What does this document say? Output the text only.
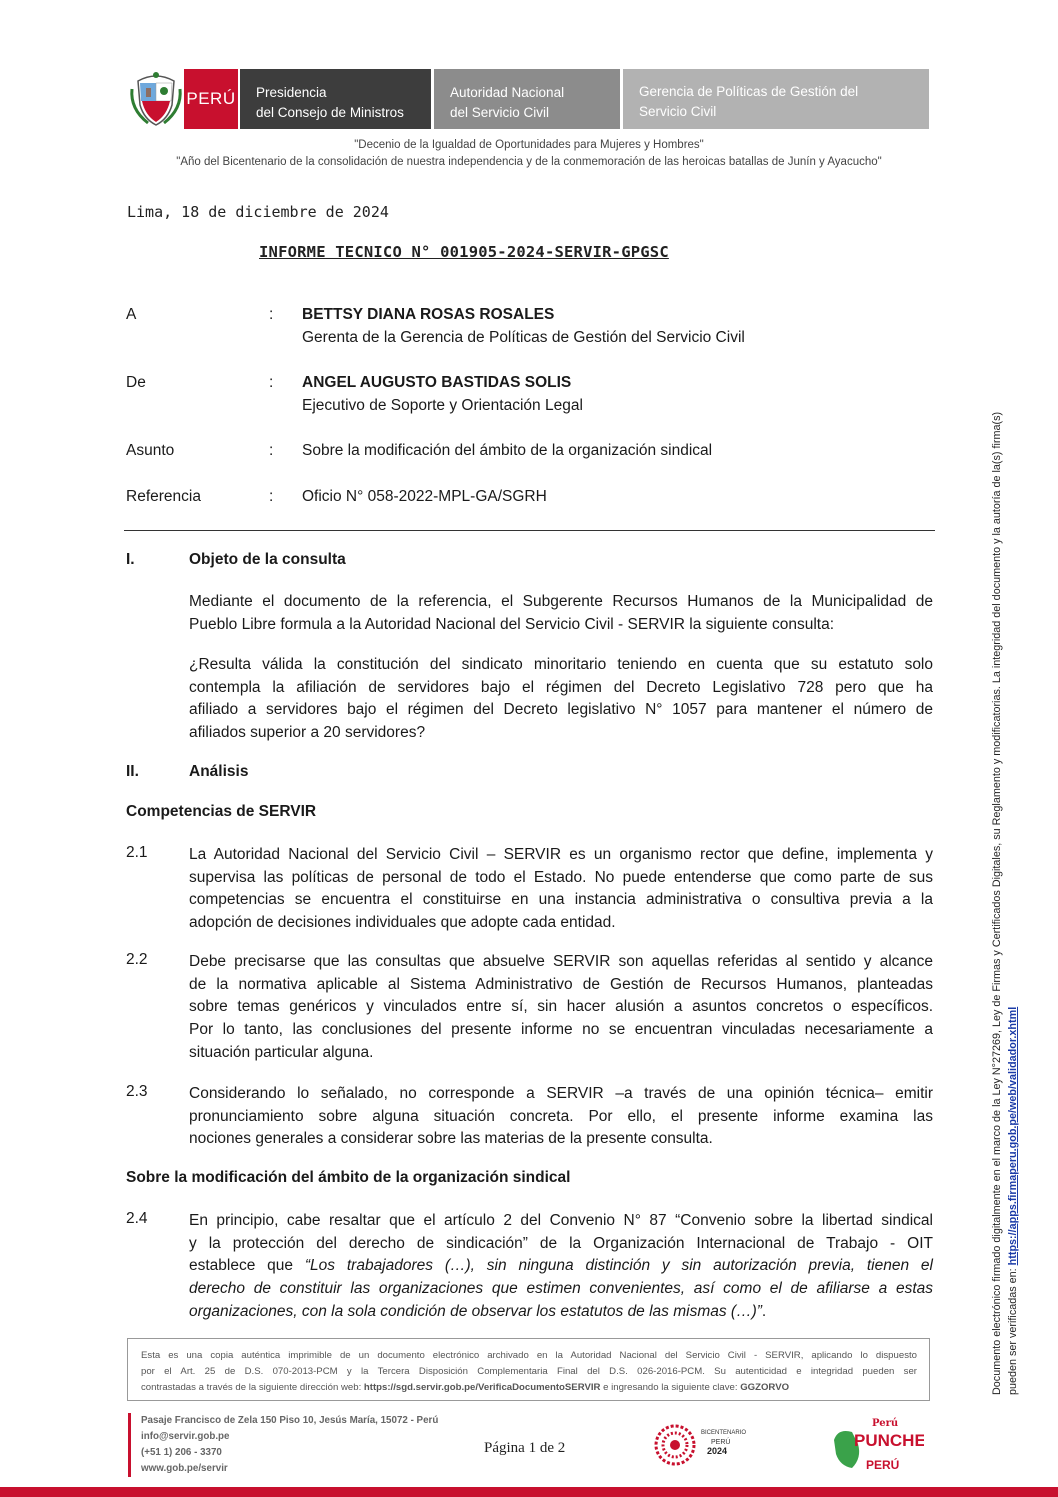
PERÚ Presidencia
del Consejo de Ministros
Autoridad Nacional
del Servicio Civil
Gerencia de Políticas de Gestión del
Servicio Civil
"Decenio de la Igualdad de Oportunidades para Mujeres y Hombres"
"Año del Bicentenario de la consolidación de nuestra independencia y de la conmemoración de las heroicas batallas de Junín y Ayacucho"
Lima, 18 de diciembre de 2024
INFORME TECNICO N° 001905-2024-SERVIR-GPGSC
A	: BETTSY DIANA ROSAS ROSALES
Gerenta de la Gerencia de Políticas de Gestión del Servicio Civil
De	: ANGEL AUGUSTO BASTIDAS SOLIS
Ejecutivo de Soporte y Orientación Legal
Asunto	: Sobre la modificación del ámbito de la organización sindical
Referencia	: Oficio N° 058-2022-MPL-GA/SGRH
I.	Objeto de la consulta
Mediante el documento de la referencia, el Subgerente Recursos Humanos de la Municipalidad de
Pueblo Libre formula a la Autoridad Nacional del Servicio Civil - SERVIR la siguiente consulta:
¿Resulta válida la constitución del sindicato minoritario teniendo en cuenta que su estatuto solo
contempla la afiliación de servidores bajo el régimen del Decreto Legislativo 728 pero que ha
afiliado a servidores bajo el régimen del Decreto legislativo N° 1057 para mantener el número de
afiliados superior a 20 servidores?
II.	Análisis
Competencias de SERVIR
2.1	La Autoridad Nacional del Servicio Civil – SERVIR es un organismo rector que define, implementa y
supervisa las políticas de personal de todo el Estado. No puede entenderse que como parte de sus
competencias se encuentra el constituirse en una instancia administrativa o consultiva previa a la
adopción de decisiones individuales que adopte cada entidad.
2.2	Debe precisarse que las consultas que absuelve SERVIR son aquellas referidas al sentido y alcance
de la normativa aplicable al Sistema Administrativo de Gestión de Recursos Humanos, planteadas
sobre temas genéricos y vinculados entre sí, sin hacer alusión a asuntos concretos o específicos.
Por lo tanto, las conclusiones del presente informe no se encuentran vinculadas necesariamente a
situación particular alguna.
2.3	Considerando lo señalado, no corresponde a SERVIR –a través de una opinión técnica– emitir
pronunciamiento sobre alguna situación concreta. Por ello, el presente informe examina las
nociones generales a considerar sobre las materias de la presente consulta.
Sobre la modificación del ámbito de la organización sindical
2.4	En principio, cabe resaltar que el artículo 2 del Convenio N° 87 “Convenio sobre la libertad sindical
y la protección del derecho de sindicación” de la Organización Internacional de Trabajo - OIT
establece que “Los trabajadores (…), sin ninguna distinción y sin autorización previa, tienen el
derecho de constituir las organizaciones que estimen convenientes, así como el de afiliarse a estas
organizaciones, con la sola condición de observar los estatutos de las mismas (…)”.
Esta es una copia auténtica imprimible de un documento electrónico archivado en la Autoridad Nacional del Servicio Civil - SERVIR, aplicando lo dispuesto
por el Art. 25 de D.S. 070-2013-PCM y la Tercera Disposición Complementaria Final del D.S. 026-2016-PCM. Su autenticidad e integridad pueden ser
contrastadas a través de la siguiente dirección web: https://sgd.servir.gob.pe/VerificaDocumentoSERVIR e ingresando la siguiente clave: GGZORVO
Pasaje Francisco de Zela 150 Piso 10, Jesús María, 15072 - Perú
info@servir.gob.pe
(+51 1) 206 - 3370
www.gob.pe/servir
Página 1 de 2
BICENTENARIO
PERÚ
2024
Perú
PUNCHE
PERÚ
Documento electrónico firmado digitalmente en el marco de la Ley N°27269, Ley de Firmas y Certificados Digitales, su Reglamento y modificatorias. La integridad del documento y la autoría de la(s) firma(s) pueden ser verificadas en: https://apps.firmaperu.gob.pe/web/validador.xhtml
